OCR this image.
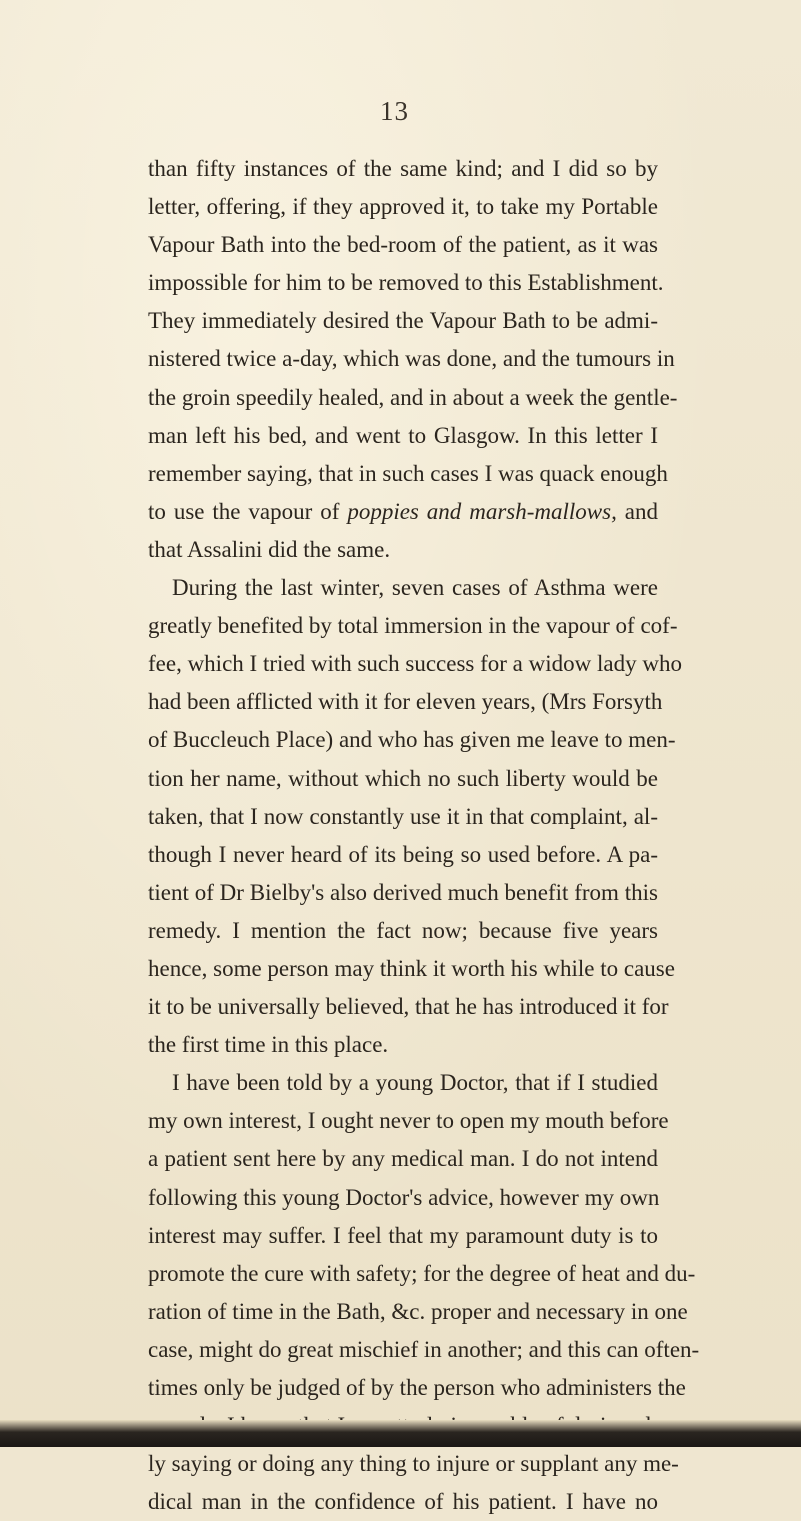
13
than fifty instances of the same kind; and I did so by
letter, offering, if they approved it, to take my Portable
Vapour Bath into the bed-room of the patient, as it was
impossible for him to be removed to this Establishment.
They immediately desired the Vapour Bath to be admi-
nistered twice a-day, which was done, and the tumours in
the groin speedily healed, and in about a week the gentle-
man left his bed, and went to Glasgow. In this letter I
remember saying, that in such cases I was quack enough
to use the vapour of poppies and marsh-mallows, and
that Assalini did the same.
During the last winter, seven cases of Asthma were
greatly benefited by total immersion in the vapour of cof-
fee, which I tried with such success for a widow lady who
had been afflicted with it for eleven years, (Mrs Forsyth
of Buccleuch Place) and who has given me leave to men-
tion her name, without which no such liberty would be
taken, that I now constantly use it in that complaint, al-
though I never heard of its being so used before. A pa-
tient of Dr Bielby's also derived much benefit from this
remedy. I mention the fact now; because five years
hence, some person may think it worth his while to cause
it to be universally believed, that he has introduced it for
the first time in this place.
I have been told by a young Doctor, that if I studied
my own interest, I ought never to open my mouth before
a patient sent here by any medical man. I do not intend
following this young Doctor's advice, however my own
interest may suffer. I feel that my paramount duty is to
promote the cure with safety; for the degree of heat and du-
ration of time in the Bath, &c. proper and necessary in one
case, might do great mischief in another; and this can often-
times only be judged of by the person who administers the
ly saying or doing any thing to injure or supplant any me-
dical man in the confidence of his patient. I have no
